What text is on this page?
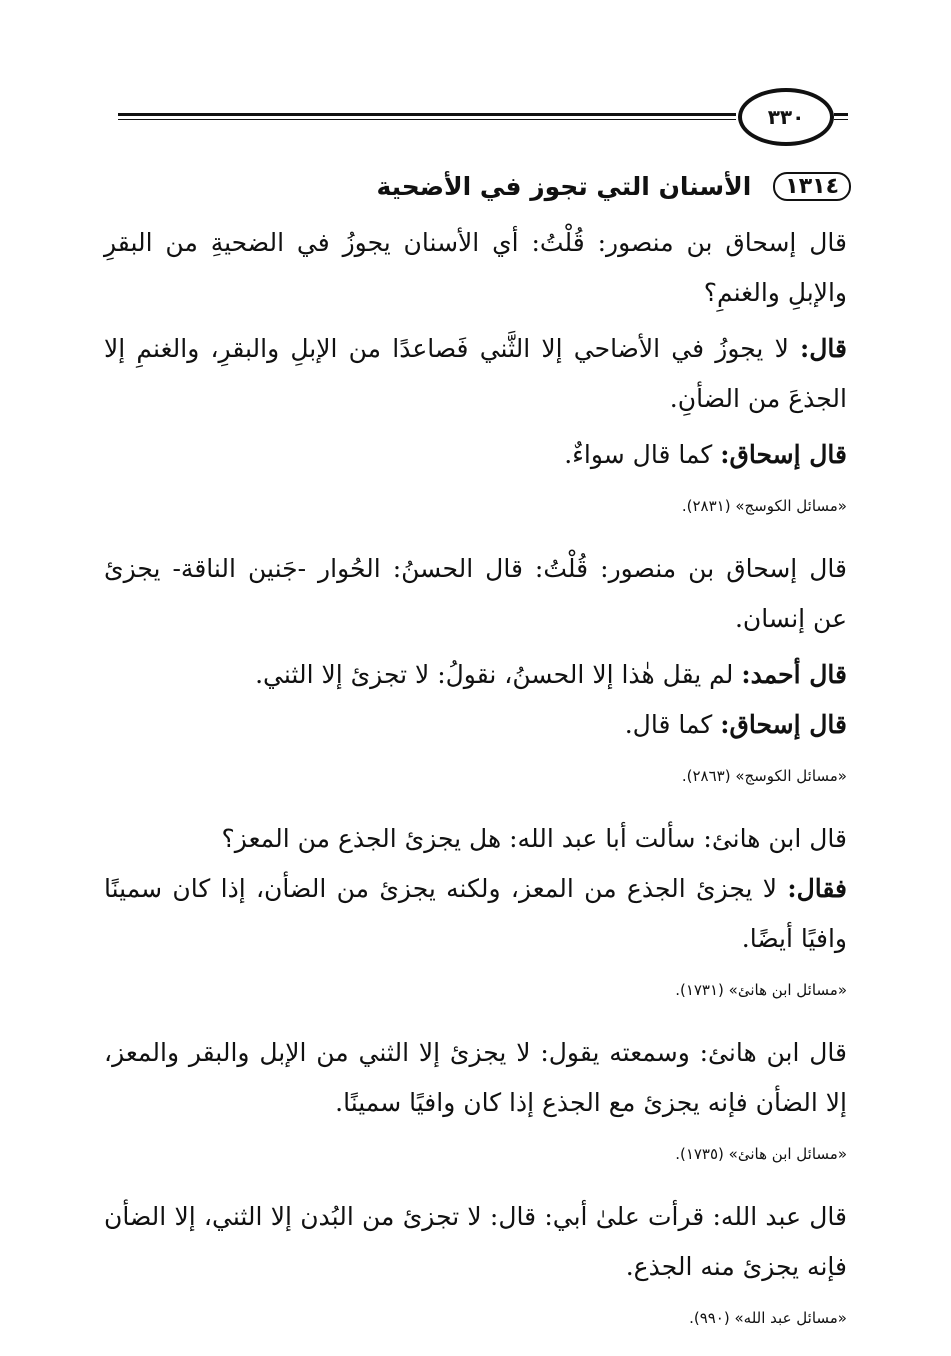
٣٣٠
١٣١٤
الأسنان التي تجوز في الأضحية

قال إسحاق بن منصور: قُلْتُ: أي الأسنان يجوزُ في الضحيةِ من البقرِ والإبلِ والغنمِ؟

قال: لا يجوزُ في الأضاحي إلا الثَّني فَصاعدًا من الإبلِ والبقرِ، والغنمِ إلا الجذعَ من الضأنِ.

قال إسحاق: كما قال سواءٌ.

«مسائل الكوسج» (٢٨٣١).

قال إسحاق بن منصور: قُلْتُ: قال الحسنُ: الحُوار -جَنين الناقة- يجزئ عن إنسان.

قال أحمد: لم يقل هٰذا إلا الحسنُ، نقولُ: لا تجزئ إلا الثني.

قال إسحاق: كما قال.

«مسائل الكوسج» (٢٨٦٣).

قال ابن هانئ: سألت أبا عبد الله: هل يجزئ الجذع من المعز؟

فقال: لا يجزئ الجذع من المعز، ولكنه يجزئ من الضأن، إذا كان سمينًا وافيًا أيضًا.

«مسائل ابن هانئ» (١٧٣١).

قال ابن هانئ: وسمعته يقول: لا يجزئ إلا الثني من الإبل والبقر والمعز، إلا الضأن فإنه يجزئ مع الجذع إذا كان وافيًا سمينًا.

«مسائل ابن هانئ» (١٧٣٥).

قال عبد الله: قرأت علىٰ أبي: قال: لا تجزئ من البُدن إلا الثني، إلا الضأن فإنه يجزئ منه الجذع.

«مسائل عبد الله» (٩٩٠).
